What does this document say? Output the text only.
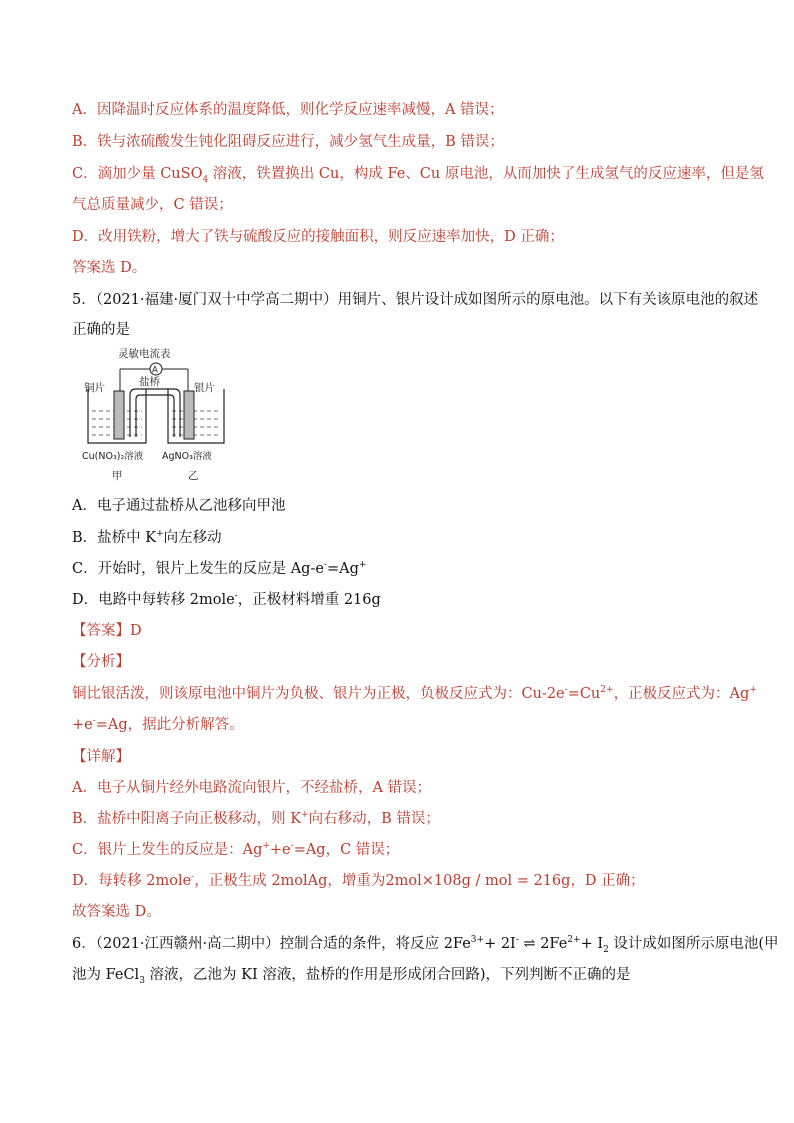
A．因降温时反应体系的温度降低，则化学反应速率减慢，A 错误；
B．铁与浓硫酸发生钝化阻碍反应进行，减少氢气生成量，B 错误；
C．滴加少量 CuSO$_4$ 溶液，铁置换出 Cu，构成 Fe、Cu 原电池，从而加快了生成氢气的反应速率，但是氢
气总质量减少，C 错误；
D．改用铁粉，增大了铁与硫酸反应的接触面积，则反应速率加快，D 正确；
答案选 D。
5．（2021·福建·厦门双十中学高二期中）用铜片、银片设计成如图所示的原电池。以下有关该原电池的叙述
正确的是
灵敏电流表
A
铜片	银片
盐桥
Cu(NO₃)₂溶液 AgNO₃溶液
甲	乙
A．电子通过盐桥从乙池移向甲池
B．盐桥中 K+向左移动
C．开始时，银片上发生的反应是 Ag-e-=Ag+
D．电路中每转移 2mole-，正极材料增重 216g
【答案】D
【分析】
铜比银活泼，则该原电池中铜片为负极、银片为正极，负极反应式为：$Cu-2e^-=Cu^{2+}$，正极反应式为：Ag+
+e-=Ag，据此分析解答。
【详解】
A．电子从铜片经外电路流向银片，不经盐桥，A 错误；
B．盐桥中阳离子向正极移动，则 K+向右移动，B 错误；
C．银片上发生的反应是：Ag++e-=Ag，C 错误；
D．每转移 2mole-，正极生成 2molAg，增重为2mol×108g / mol = 216g，D 正确；
故答案选 D。
6．（2021·江西赣州·高二期中）控制合适的条件，将反应 $2Fe^{3+}+ 2I^-$ ⇌ $2Fe^{2+}+ I_2$ 设计成如图所示原电池(甲
池为 FeCl$_3$ 溶液，乙池为 KI 溶液，盐桥的作用是形成闭合回路)，下列判断不正确的是
